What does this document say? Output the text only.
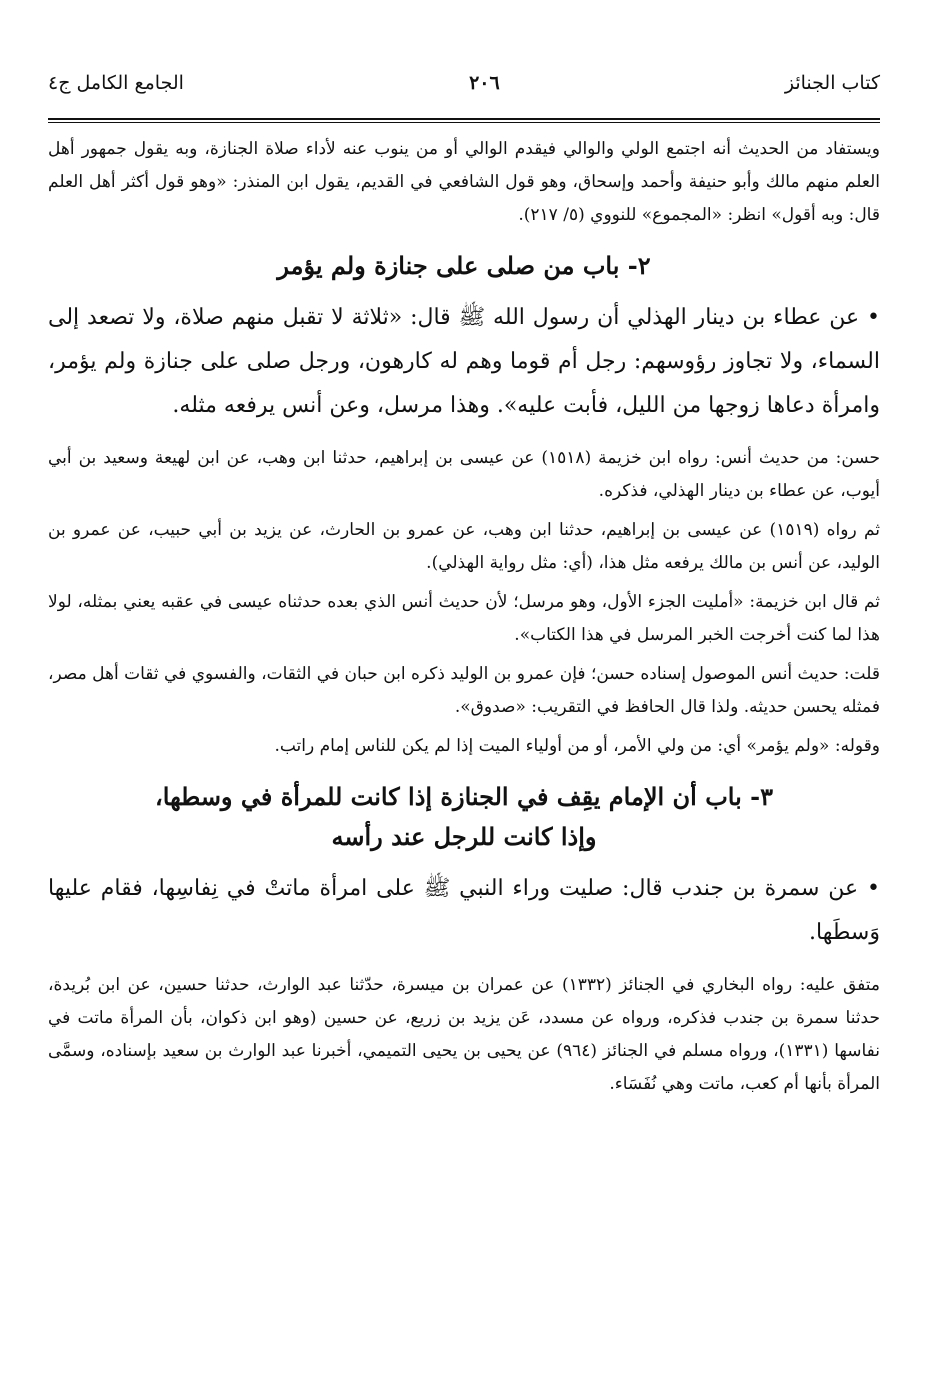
كتاب الجنائز
٢٠٦
الجامع الكامل ج٤

ويستفاد من الحديث أنه اجتمع الولي والوالي فيقدم الوالي أو من ينوب عنه لأداء صلاة الجنازة، وبه يقول جمهور أهل العلم منهم مالك وأبو حنيفة وأحمد وإسحاق، وهو قول الشافعي في القديم، يقول ابن المنذر: «وهو قول أكثر أهل العلم قال: وبه أقول» انظر: «المجموع» للنووي (٥/ ٢١٧).

٢- باب من صلى على جنازة ولم يؤمر

• عن عطاء بن دينار الهذلي أن رسول الله ﷺ قال: «ثلاثة لا تقبل منهم صلاة، ولا تصعد إلى السماء، ولا تجاوز رؤوسهم: رجل أم قوما وهم له كارهون، ورجل صلى على جنازة ولم يؤمر، وامرأة دعاها زوجها من الليل، فأبت عليه». وهذا مرسل، وعن أنس يرفعه مثله.

حسن: من حديث أنس: رواه ابن خزيمة (١٥١٨) عن عيسى بن إبراهيم، حدثنا ابن وهب، عن ابن لهيعة وسعيد بن أبي أيوب، عن عطاء بن دينار الهذلي، فذكره.

ثم رواه (١٥١٩) عن عيسى بن إبراهيم، حدثنا ابن وهب، عن عمرو بن الحارث، عن يزيد بن أبي حبيب، عن عمرو بن الوليد، عن أنس بن مالك يرفعه مثل هذا، (أي: مثل رواية الهذلي).

ثم قال ابن خزيمة: «أمليت الجزء الأول، وهو مرسل؛ لأن حديث أنس الذي بعده حدثناه عيسى في عقبه يعني بمثله، لولا هذا لما كنت أخرجت الخبر المرسل في هذا الكتاب».

قلت: حديث أنس الموصول إسناده حسن؛ فإن عمرو بن الوليد ذكره ابن حبان في الثقات، والفسوي في ثقات أهل مصر، فمثله يحسن حديثه. ولذا قال الحافظ في التقريب: «صدوق».

وقوله: «ولم يؤمر» أي: من ولي الأمر، أو من أولياء الميت إذا لم يكن للناس إمام راتب.

٣- باب أن الإمام يقِف في الجنازة إذا كانت للمرأة في وسطها،
وإذا كانت للرجل عند رأسه

• عن سمرة بن جندب قال: صليت وراء النبي ﷺ على امرأة ماتتْ في نِفاسِها، فقام عليها وَسطَها.

متفق عليه: رواه البخاري في الجنائز (١٣٣٢) عن عمران بن ميسرة، حدّثنا عبد الوارث، حدثنا حسين، عن ابن بُريدة، حدثنا سمرة بن جندب فذكره، ورواه عن مسدد، عَن يزيد بن زريع، عن حسين (وهو ابن ذكوان، بأن المرأة ماتت في نفاسها (١٣٣١)، ورواه مسلم في الجنائز (٩٦٤) عن يحيى بن يحيى التميمي، أخبرنا عبد الوارث بن سعيد بإسناده، وسمَّى المرأة بأنها أم كعب، ماتت وهي نُفَسَاء.
